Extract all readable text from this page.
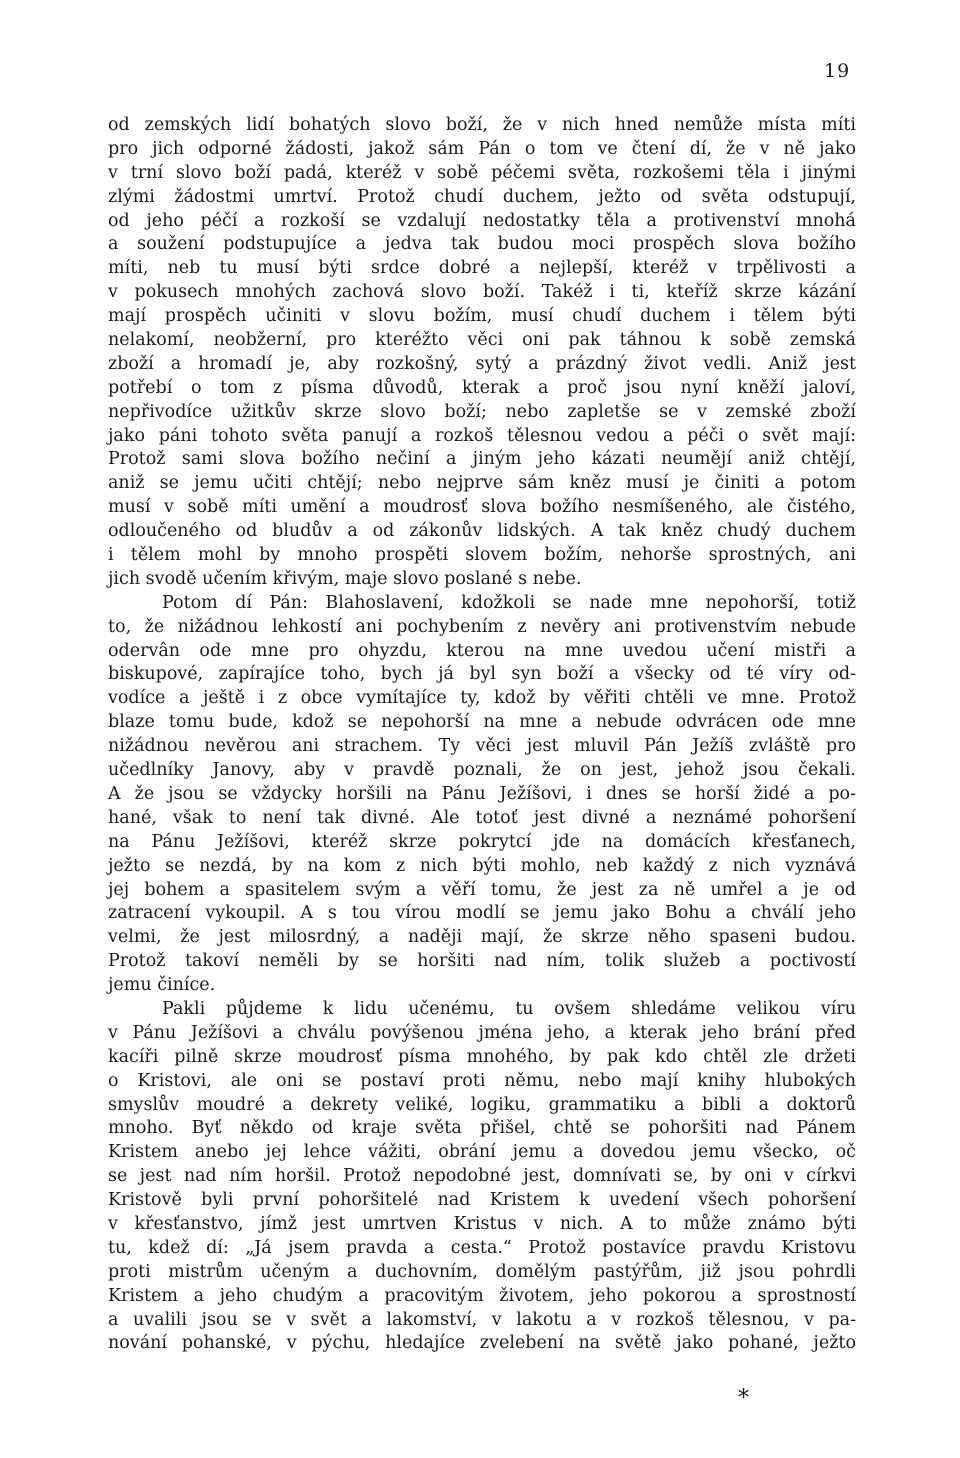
19
od zemských lidí bohatých slovo boží, že v nich hned nemůže místa míti
pro jich odporné žádosti, jakož sám Pán o tom ve čtení dí, že v ně jako
v trní slovo boží padá, kteréž v sobě péčemi světa, rozkošemi těla i jinými
zlými žádostmi umrtví. Protož chudí duchem, ježto od světa odstupují,
od jeho péčí a rozkoší se vzdalují nedostatky těla a protivenství mnohá
a soužení podstupujíce a jedva tak budou moci prospěch slova božího
míti, neb tu musí býti srdce dobré a nejlepší, kteréž v trpělivosti a
v pokusech mnohých zachová slovo boží. Takéž i ti, kteříž skrze kázání
mají prospěch učiniti v slovu božím, musí chudí duchem i tělem býti
nelakomí, neobžerní, pro kteréžto věci oni pak táhnou k sobě zemská
zboží a hromadí je, aby rozkošný, sytý a prázdný život vedli. Aniž jest
potřebí o tom z písma důvodů, kterak a proč jsou nyní kněží jaloví,
nepřivodíce užitkův skrze slovo boží; nebo zapletše se v zemské zboží
jako páni tohoto světa panují a rozkoš tělesnou vedou a péči o svět mají:
Protož sami slova božího nečiní a jiným jeho kázati neumějí aniž chtějí,
aniž se jemu učiti chtějí; nebo nejprve sám kněz musí je činiti a potom
musí v sobě míti umění a moudrosť slova božího nesmíšeného, ale čistého,
odloučeného od bludův a od zákonův lidských. A tak kněz chudý duchem
i tělem mohl by mnoho prospěti slovem božím, nehorše sprostných, ani
jich svodě učením křivým, maje slovo poslané s nebe.
Potom dí Pán: Blahoslavení, kdožkoli se nade mne nepohorší, totiž
to, že nižádnou lehkostí ani pochybením z nevěry ani protivenstvím nebude
odervân ode mne pro ohyzdu, kterou na mne uvedou učení mistři a
biskupové, zapírajíce toho, bych já byl syn boží a všecky od té víry od-
vodíce a ještě i z obce vymítajíce ty, kdož by věřiti chtěli ve mne. Protož
blaze tomu bude, kdož se nepohorší na mne a nebude odvrácen ode mne
nižádnou nevěrou ani strachem. Ty věci jest mluvil Pán Ježíš zvláště pro
učedlníky Janovy, aby v pravdě poznali, že on jest, jehož jsou čekali.
A že jsou se vždycky horšili na Pánu Ježíšovi, i dnes se horší židé a po-
hané, však to není tak divné. Ale totoť jest divné a neznámé pohoršení
na Pánu Ježíšovi, kteréž skrze pokrytcí jde na domácích křesťanech,
ježto se nezdá, by na kom z nich býti mohlo, neb každý z nich vyznává
jej bohem a spasitelem svým a věří tomu, že jest za ně umřel a je od
zatracení vykoupil. A s tou vírou modlí se jemu jako Bohu a chválí jeho
velmi, že jest milosrdný, a naději mají, že skrze něho spaseni budou.
Protož takoví neměli by se horšiti nad ním, tolik služeb a poctivostí
jemu činíce.
Pakli půjdeme k lidu učenému, tu ovšem shledáme velikou víru
v Pánu Ježíšovi a chválu povýšenou jména jeho, a kterak jeho brání před
kacíři pilně skrze moudrosť písma mnohého, by pak kdo chtěl zle držeti
o Kristovi, ale oni se postaví proti němu, nebo mají knihy hlubokých
smyslův moudré a dekrety veliké, logiku, grammatiku a bibli a doktorů
mnoho. Byť někdo od kraje světa přišel, chtě se pohoršiti nad Pánem
Kristem anebo jej lehce vážiti, obrání jemu a dovedou jemu všecko, oč
se jest nad ním horšil. Protož nepodobné jest, domnívati se, by oni v církvi
Kristově byli první pohoršitelé nad Kristem k uvedení všech pohoršení
v křesťanstvo, jímž jest umrtven Kristus v nich. A to může známo býti
tu, kdež dí: „Já jsem pravda a cesta.“ Protož postavíce pravdu Kristovu
proti mistrům učeným a duchovním, domělým pastýřům, již jsou pohrdli
Kristem a jeho chudým a pracovitým životem, jeho pokorou a sprostností
a uvalili jsou se v svět a lakomství, v lakotu a v rozkoš tělesnou, v pa-
nování pohanské, v pýchu, hledajíce zvelebení na světě jako pohané, ježto
*
